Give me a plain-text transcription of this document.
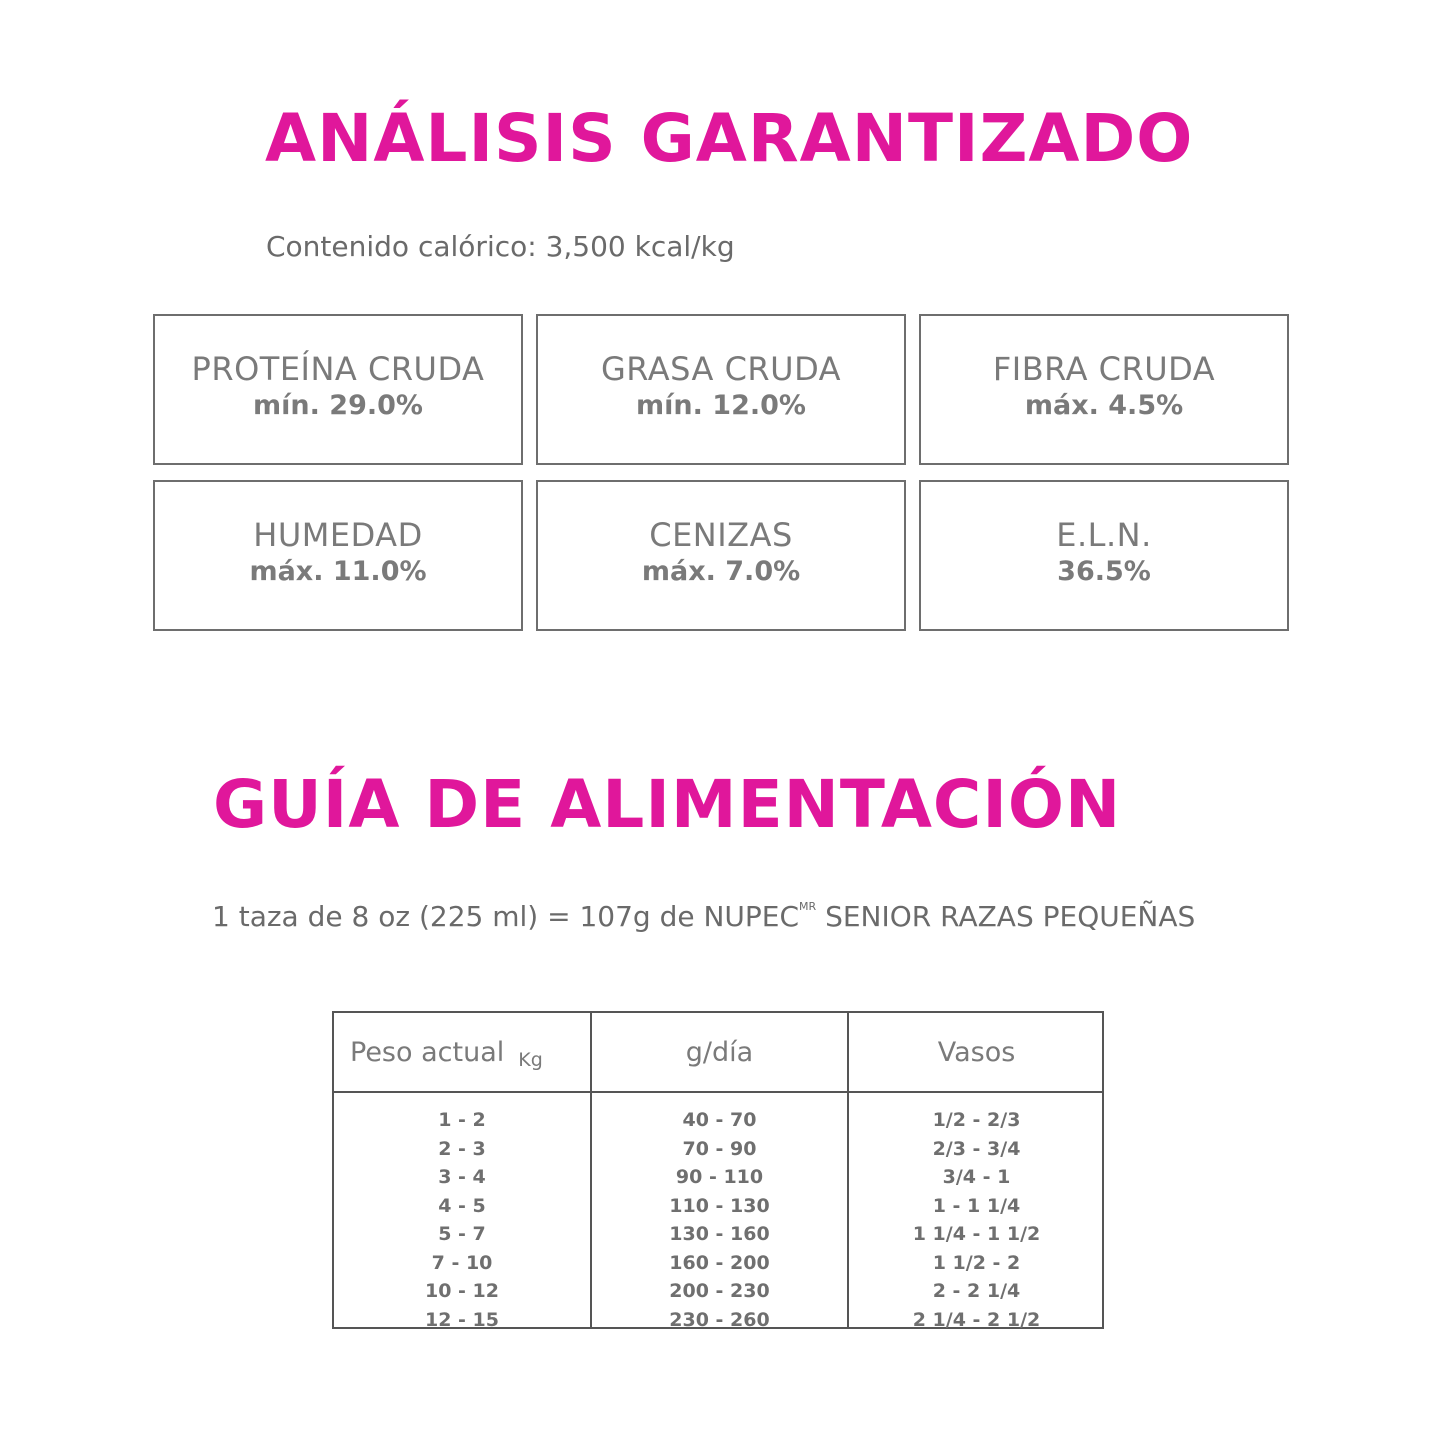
ANÁLISIS GARANTIZADO
Contenido calórico: 3,500 kcal/kg
PROTEÍNA CRUDA
mín. 29.0%
GRASA CRUDA
mín. 12.0%
FIBRA CRUDA
máx. 4.5%
HUMEDAD
máx. 11.0%
CENIZAS
máx. 7.0%
E.L.N.
36.5%
GUÍA DE ALIMENTACIÓN
1 taza de 8 oz (225 ml) = 107g de $NUPEC^{MR}$ SENIOR RAZAS PEQUEÑAS
Peso actual Kg	g/día	Vasos
1 - 2
2 - 3
3 - 4
4 - 5
5 - 7
7 - 10
10 - 12
12 - 15
40 - 70
70 - 90
90 - 110
110 - 130
130 - 160
160 - 200
200 - 230
230 - 260
1/2 - 2/3
2/3 - 3/4
3/4 - 1
1 - 1 1/4
1 1/4 - 1 1/2
1 1/2 - 2
2 - 2 1/4
2 1/4 - 2 1/2
